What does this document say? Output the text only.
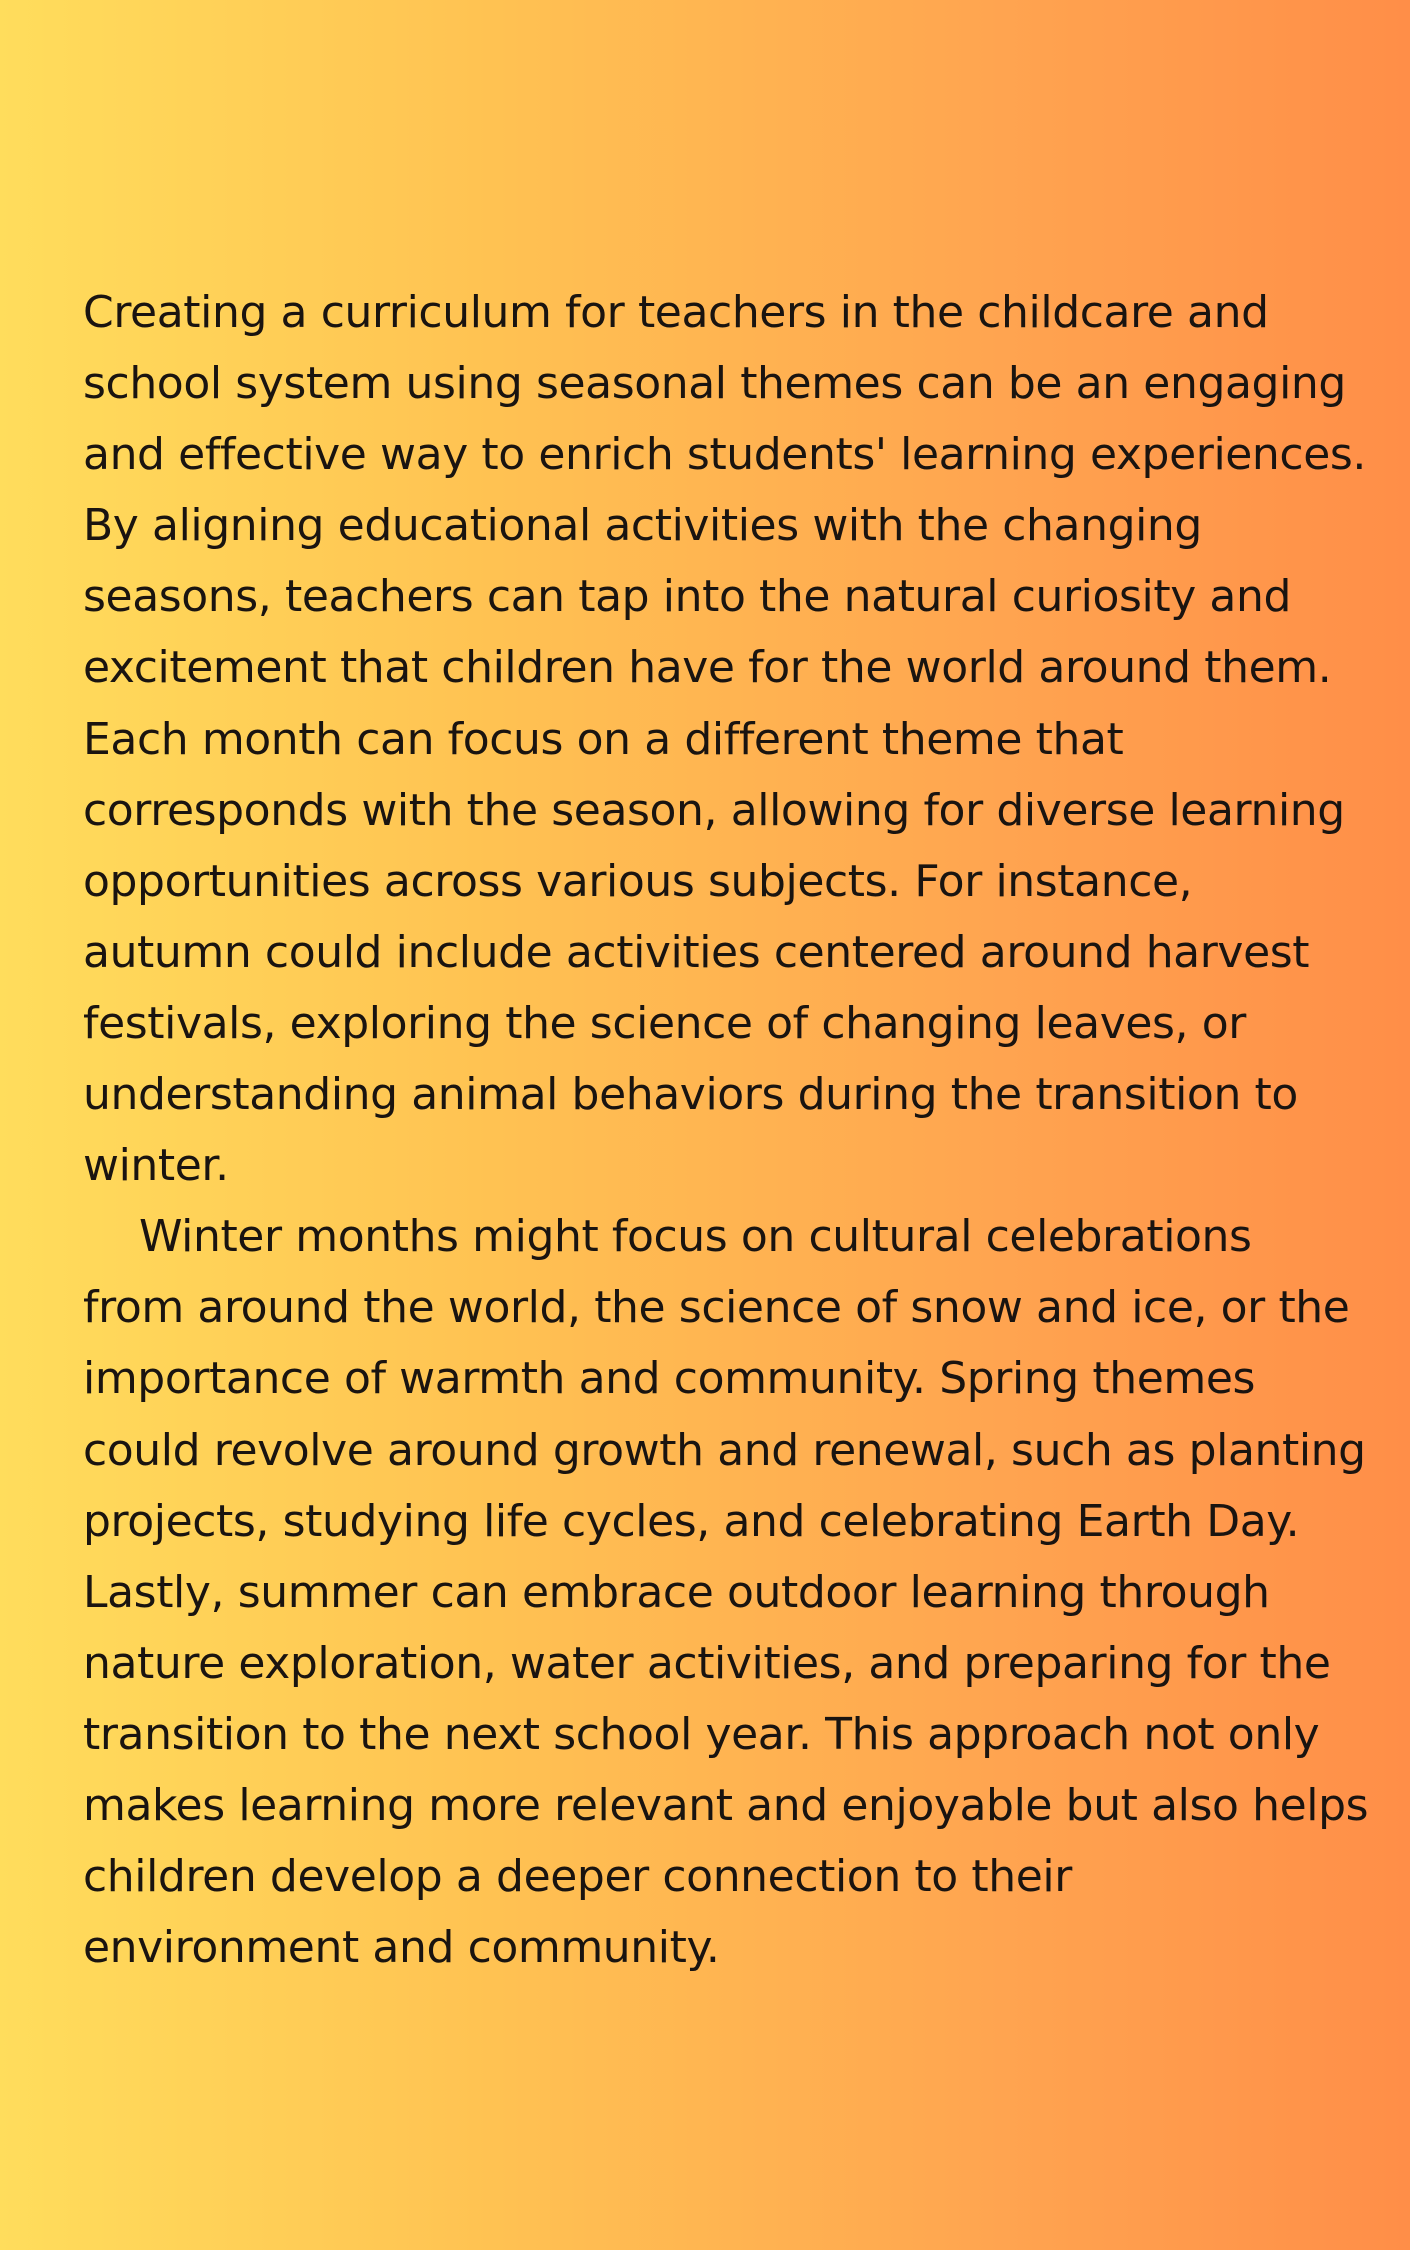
Creating a curriculum for teachers in the childcare and
school system using seasonal themes can be an engaging
and effective way to enrich students' learning experiences.
By aligning educational activities with the changing
seasons, teachers can tap into the natural curiosity and
excitement that children have for the world around them.
Each month can focus on a different theme that
corresponds with the season, allowing for diverse learning
opportunities across various subjects. For instance,
autumn could include activities centered around harvest
festivals, exploring the science of changing leaves, or
understanding animal behaviors during the transition to
winter.
Winter months might focus on cultural celebrations
from around the world, the science of snow and ice, or the
importance of warmth and community. Spring themes
could revolve around growth and renewal, such as planting
projects, studying life cycles, and celebrating Earth Day.
Lastly, summer can embrace outdoor learning through
nature exploration, water activities, and preparing for the
transition to the next school year. This approach not only
makes learning more relevant and enjoyable but also helps
children develop a deeper connection to their
environment and community.
